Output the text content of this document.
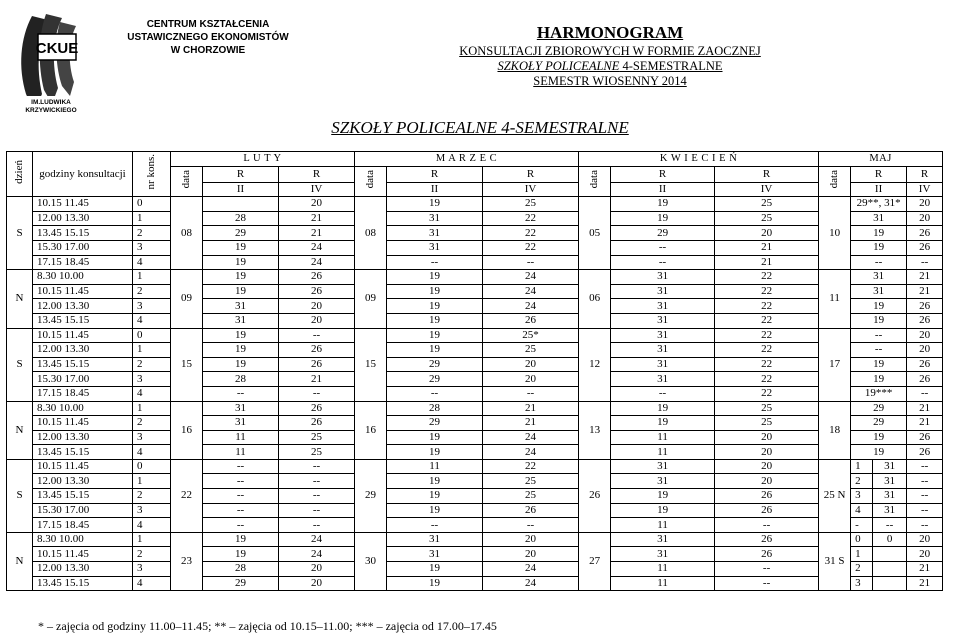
CKUE
IM.LUDWIKA
KRZYWICKIEGO
CENTRUM KSZTAŁCENIA
USTAWICZNEGO EKONOMISTÓW
W CHORZOWIE
HARMONOGRAM
KONSULTACJI ZBIOROWYCH W FORMIE ZAOCZNEJ
SZKOŁY POLICEALNE 4-SEMESTRALNE
SEMESTR WIOSENNY 2014
SZKOŁY POLICEALNE 4-SEMESTRALNE
dzień	godziny konsultacji	nr kons.	L U T Y			M A R Z E C			K W I E C I E Ń			MAJ			
			data	R	R	data	R	R	data	R	R	data	R		R
				II	IV		II	IV		II	IV		II		IV
S	10.15 11.45	0	08		20	08	19	25	05	19	25	10	29**, 31*		20
	12.00 13.30	1		28	21		31	22		19	25		31		20
	13.45 15.15	2		29	21		31	22		29	20		19		26
	15.30 17.00	3		19	24		31	22		--	21		19		26
	17.15 18.45	4		19	24		--	--		--	21		--		--
N	8.30 10.00	1	09	19	26	09	19	24	06	31	22	11	31		21
	10.15 11.45	2		19	26		19	24		31	22		31		21
	12.00 13.30	3		31	20		19	24		31	22		19		26
	13.45 15.15	4		31	20		19	26		31	22		19		26
S	10.15 11.45	0	15	19	--	15	19	25*	12	31	22	17	--		20
	12.00 13.30	1		19	26		19	25		31	22		--		20
	13.45 15.15	2		19	26		29	20		31	22		19		26
	15.30 17.00	3		28	21		29	20		31	22		19		26
	17.15 18.45	4		--	--		--	--		--	22		19***		--
N	8.30 10.00	1	16	31	26	16	28	21	13	19	25	18	29		21
	10.15 11.45	2		31	26		29	21		19	25		29		21
	12.00 13.30	3		11	25		19	24		11	20		19		26
	13.45 15.15	4		11	25		19	24		11	20		19		26
S	10.15 11.45	0	22	--	--	29	11	22	26	31	20	25 N	1	31	--
	12.00 13.30	1		--	--		19	25		31	20		2	31	--
	13.45 15.15	2		--	--		19	25		19	26		3	31	--
	15.30 17.00	3		--	--		19	26		19	26		4	31	--
	17.15 18.45	4		--	--		--	--		11	--		-	--	--
N	8.30 10.00	1	23	19	24	30	31	20	27	31	26	31 S	0	0	20
	10.15 11.45	2		19	24		31	20		31	26		1		20
	12.00 13.30	3		28	20		19	24		11	--		2		21
	13.45 15.15	4		29	20		19	24		11	--		3		21
* – zajęcia od godziny 11.00–11.45; ** – zajęcia od 10.15–11.00; *** – zajęcia od 17.00–17.45
